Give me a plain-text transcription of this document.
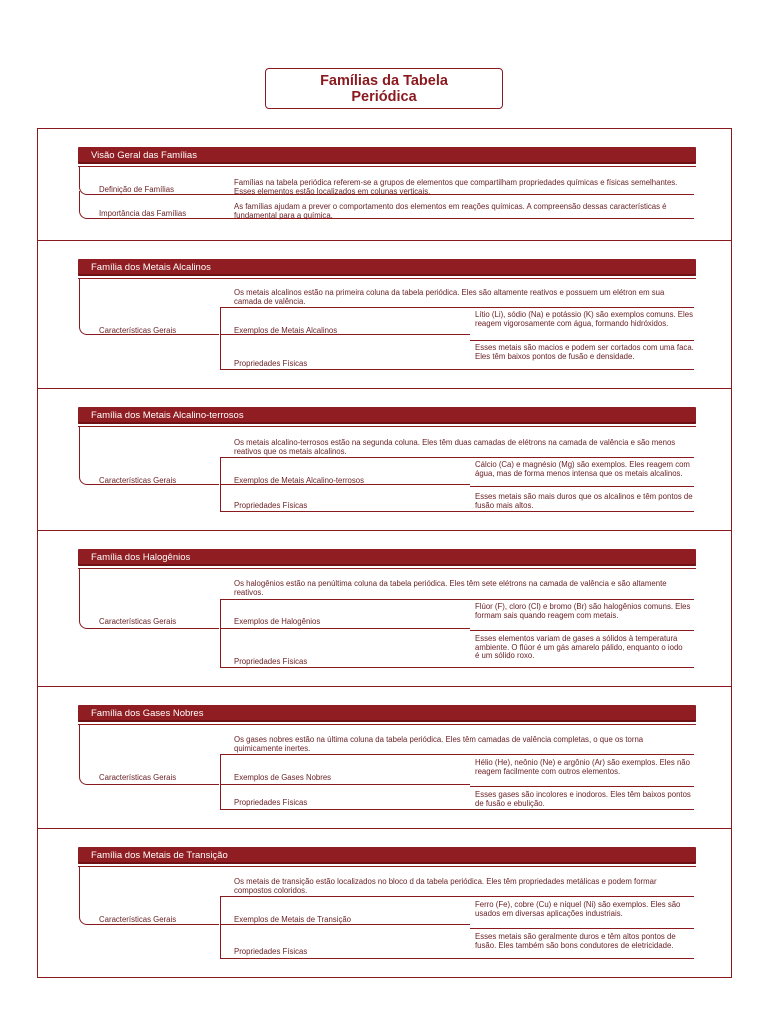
Famílias da Tabela
Periódica
Visão Geral das Famílias
Definição de Famílias
Famílias na tabela periódica referem-se a grupos de elementos que compartilham propriedades químicas e físicas semelhantes. Esses elementos estão localizados em colunas verticais.
Importância das Famílias
As famílias ajudam a prever o comportamento dos elementos em reações químicas. A compreensão dessas características é fundamental para a química.
Família dos Metais Alcalinos
Características Gerais
Os metais alcalinos estão na primeira coluna da tabela periódica. Eles são altamente reativos e possuem um elétron em sua camada de valência.
Exemplos de Metais Alcalinos
Lítio (Li), sódio (Na) e potássio (K) são exemplos comuns. Eles reagem vigorosamente com água, formando hidróxidos.
Propriedades Físicas
Esses metais são macios e podem ser cortados com uma faca. Eles têm baixos pontos de fusão e densidade.
Família dos Metais Alcalino-terrosos
Características Gerais
Os metais alcalino-terrosos estão na segunda coluna. Eles têm duas camadas de elétrons na camada de valência e são menos reativos que os metais alcalinos.
Exemplos de Metais Alcalino-terrosos
Cálcio (Ca) e magnésio (Mg) são exemplos. Eles reagem com água, mas de forma menos intensa que os metais alcalinos.
Propriedades Físicas
Esses metais são mais duros que os alcalinos e têm pontos de fusão mais altos.
Família dos Halogênios
Características Gerais
Os halogênios estão na penúltima coluna da tabela periódica. Eles têm sete elétrons na camada de valência e são altamente reativos.
Exemplos de Halogênios
Flúor (F), cloro (Cl) e bromo (Br) são halogênios comuns. Eles formam sais quando reagem com metais.
Propriedades Físicas
Esses elementos variam de gases a sólidos à temperatura ambiente. O flúor é um gás amarelo pálido, enquanto o iodo é um sólido roxo.
Família dos Gases Nobres
Características Gerais
Os gases nobres estão na última coluna da tabela periódica. Eles têm camadas de valência completas, o que os torna quimicamente inertes.
Exemplos de Gases Nobres
Hélio (He), neônio (Ne) e argônio (Ar) são exemplos. Eles não reagem facilmente com outros elementos.
Propriedades Físicas
Esses gases são incolores e inodoros. Eles têm baixos pontos de fusão e ebulição.
Família dos Metais de Transição
Características Gerais
Os metais de transição estão localizados no bloco d da tabela periódica. Eles têm propriedades metálicas e podem formar compostos coloridos.
Exemplos de Metais de Transição
Ferro (Fe), cobre (Cu) e níquel (Ni) são exemplos. Eles são usados em diversas aplicações industriais.
Propriedades Físicas
Esses metais são geralmente duros e têm altos pontos de fusão. Eles também são bons condutores de eletricidade.
